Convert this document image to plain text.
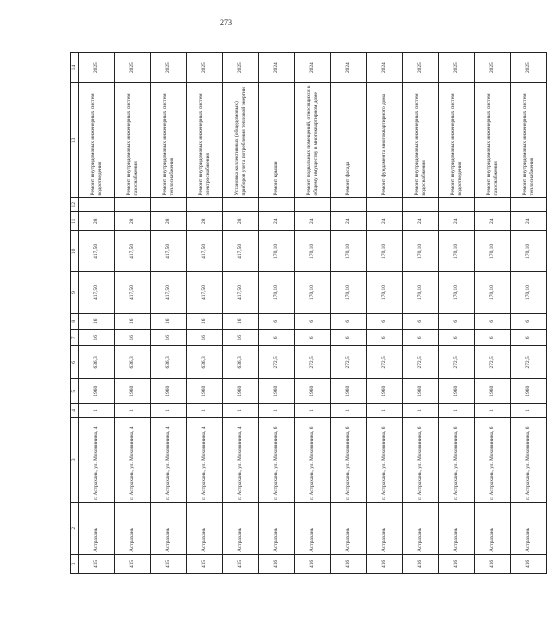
273
1	2	3	4	5	6	7	8	9	10	11	12	13	14
415	Астрахань	г. Астрахань, ул. Моховинина, 4	1	1960	636,3	16	16	417,50	417,50	28		Ремонт внутридомовых инженерных систем водоотведения	2025
415	Астрахань	г. Астрахань, ул. Моховинина, 4	1	1960	636,3	16	16	417,50	417,50	28		Ремонт внутридомовых инженерных систем газоснабжения	2025
415	Астрахань	г. Астрахань, ул. Моховинина, 4	1	1960	636,3	16	16	417,50	417,50	28		Ремонт внутридомовых инженерных систем теплоснабжения	2025
415	Астрахань	г. Астрахань, ул. Моховинина, 4	1	1960	636,3	16	16	417,50	417,50	28		Ремонт внутридомовых инженерных систем электроснабжения	2025
415	Астрахань	г. Астрахань, ул. Моховинина, 4	1	1960	636,3	16	16	417,50	417,50	28		Установка коллективных (общедомовых) приборов учета потребления тепловой энергии	2025
416	Астрахань	г. Астрахань, ул. Моховинина, 6	1	1960	272,5	6	6	170,10	170,10	24		Ремонт крыши	2024
416	Астрахань	г. Астрахань, ул. Моховинина, 6	1	1960	272,5	6	6	170,10	170,10	24		Ремонт подвальных помещений, относящихся к общему имуществу в многоквартирном доме	2024
416	Астрахань	г. Астрахань, ул. Моховинина, 6	1	1960	272,5	6	6	170,10	170,10	24		Ремонт фасада	2024
416	Астрахань	г. Астрахань, ул. Моховинина, 6	1	1960	272,5	6	6	170,10	170,10	24		Ремонт фундамента многоквартирного дома	2024
416	Астрахань	г. Астрахань, ул. Моховинина, 6	1	1960	272,5	6	6	170,10	170,10	24		Ремонт внутридомовых инженерных систем водоснабжения	2025
416	Астрахань	г. Астрахань, ул. Моховинина, 6	1	1960	272,5	6	6	170,10	170,10	24		Ремонт внутридомовых инженерных систем водоотведения	2025
416	Астрахань	г. Астрахань, ул. Моховинина, 6	1	1960	272,5	6	6	170,10	170,10	24		Ремонт внутридомовых инженерных систем газоснабжения	2025
416	Астрахань	г. Астрахань, ул. Моховинина, 6	1	1960	272,5	6	6	170,10	170,10	24		Ремонт внутридомовых инженерных систем теплоснабжения	2025
